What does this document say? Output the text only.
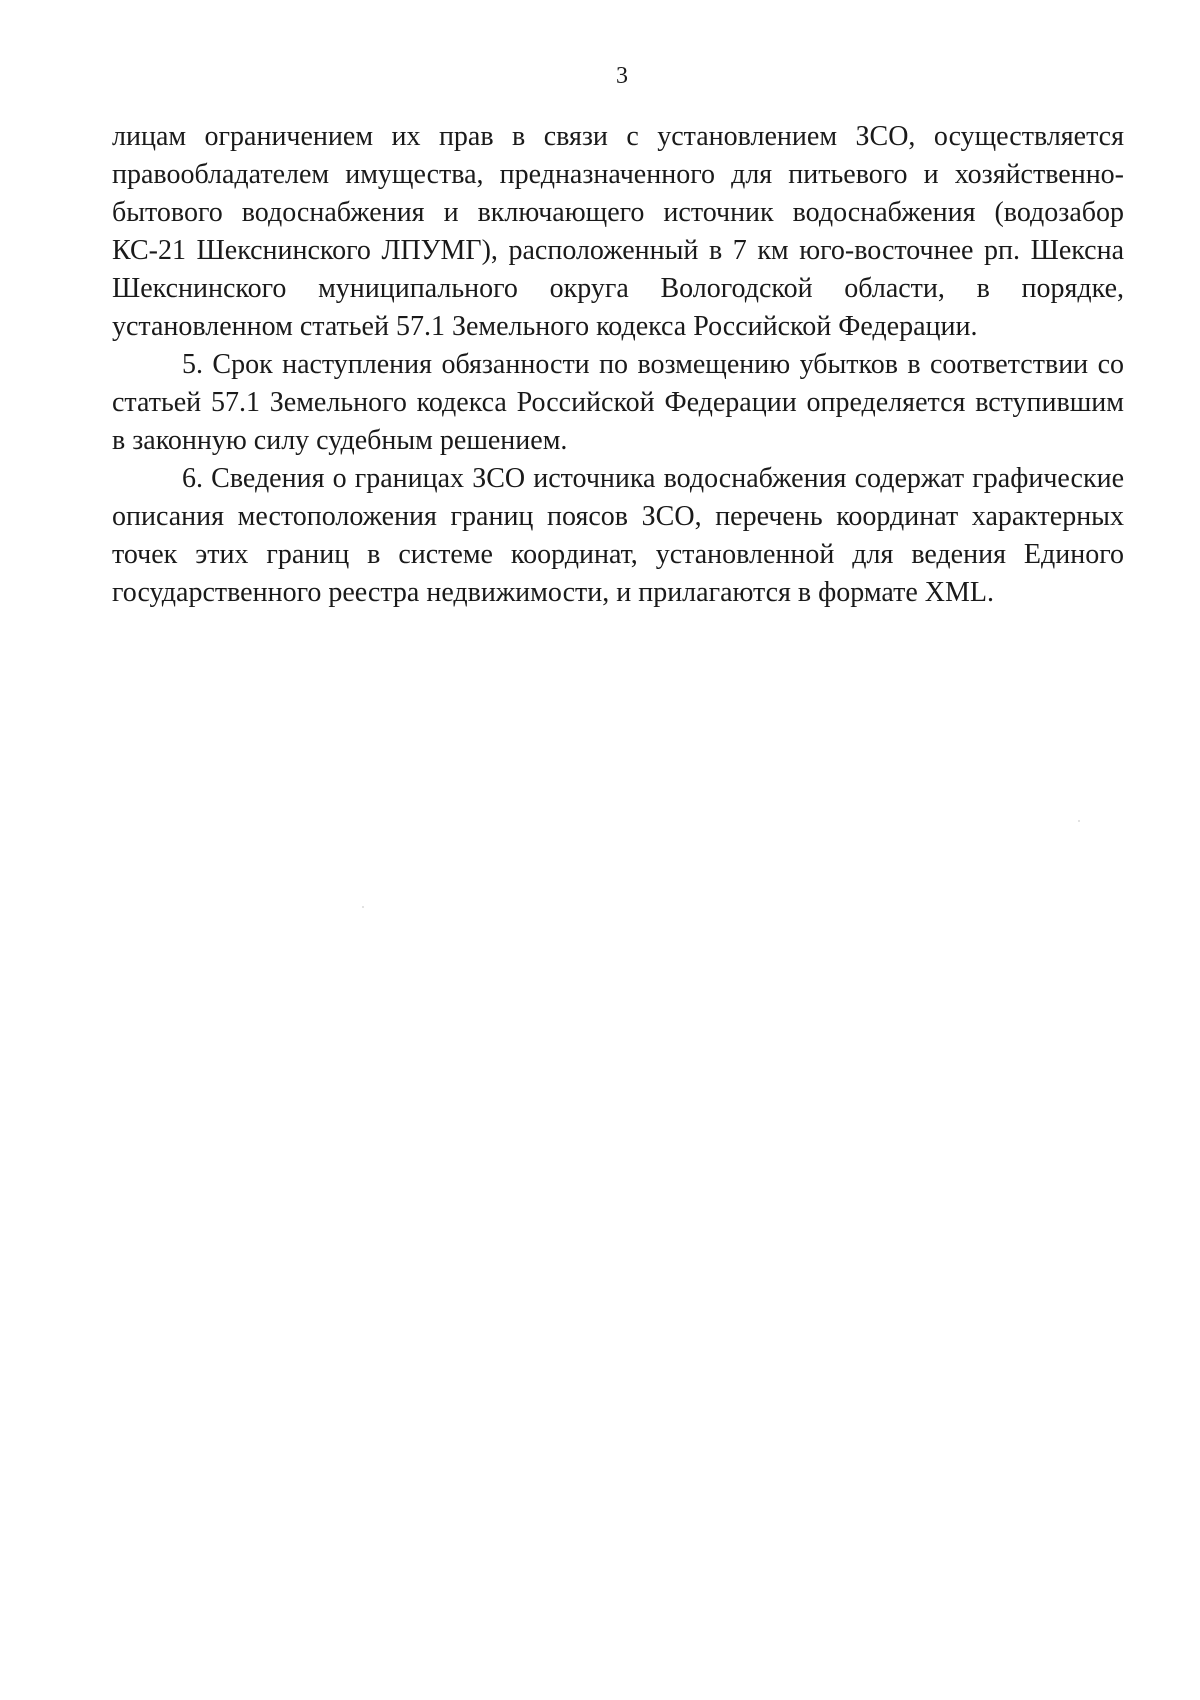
3

лицам ограничением их прав в связи с установлением ЗСО, осуществляется правообладателем имущества, предназначенного для питьевого и хозяйственно-бытового водоснабжения и включающего источник водоснабжения (водозабор КС-21 Шекснинского ЛПУМГ), расположенный в 7 км юго-восточнее рп. Шексна Шекснинского муниципального округа Вологодской области, в порядке, установленном статьей 57.1 Земельного кодекса Российской Федерации.

5. Срок наступления обязанности по возмещению убытков в соответствии со статьей 57.1 Земельного кодекса Российской Федерации определяется вступившим в законную силу судебным решением.

6. Сведения о границах ЗСО источника водоснабжения содержат графические описания местоположения границ поясов ЗСО, перечень координат характерных точек этих границ в системе координат, установленной для ведения Единого государственного реестра недвижимости, и прилагаются в формате XML.
